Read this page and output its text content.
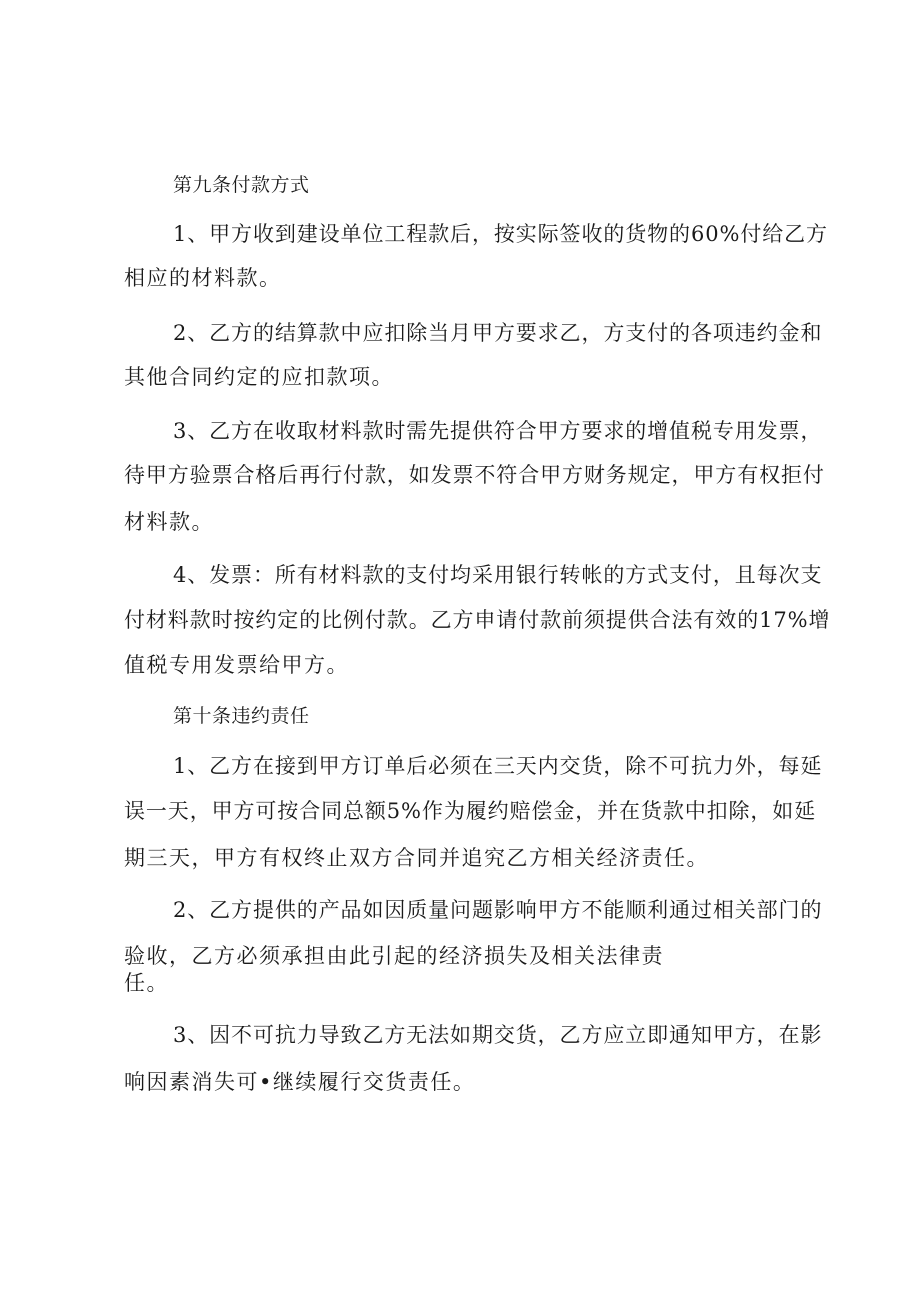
第九条付款方式

1、甲方收到建设单位工程款后，按实际签收的货物的60%付给乙方

相应的材料款。

2、乙方的结算款中应扣除当月甲方要求乙，方支付的各项违约金和

其他合同约定的应扣款项。

3、乙方在收取材料款时需先提供符合甲方要求的增值税专用发票，

待甲方验票合格后再行付款，如发票不符合甲方财务规定，甲方有权拒付

材料款。

4、发票：所有材料款的支付均采用银行转帐的方式支付，且每次支

付材料款时按约定的比例付款。乙方申请付款前须提供合法有效的17%增

值税专用发票给甲方。

第十条违约责任

1、乙方在接到甲方订单后必须在三天内交货，除不可抗力外，每延

误一天，甲方可按合同总额5%作为履约赔偿金，并在货款中扣除，如延

期三天，甲方有权终止双方合同并追究乙方相关经济责任。

2、乙方提供的产品如因质量问题影响甲方不能顺利通过相关部门的

验收，乙方必须承担由此引起的经济损失及相关法律责

任。

3、因不可抗力导致乙方无法如期交货，乙方应立即通知甲方，在影

响因素消失可•继续履行交货责任。
